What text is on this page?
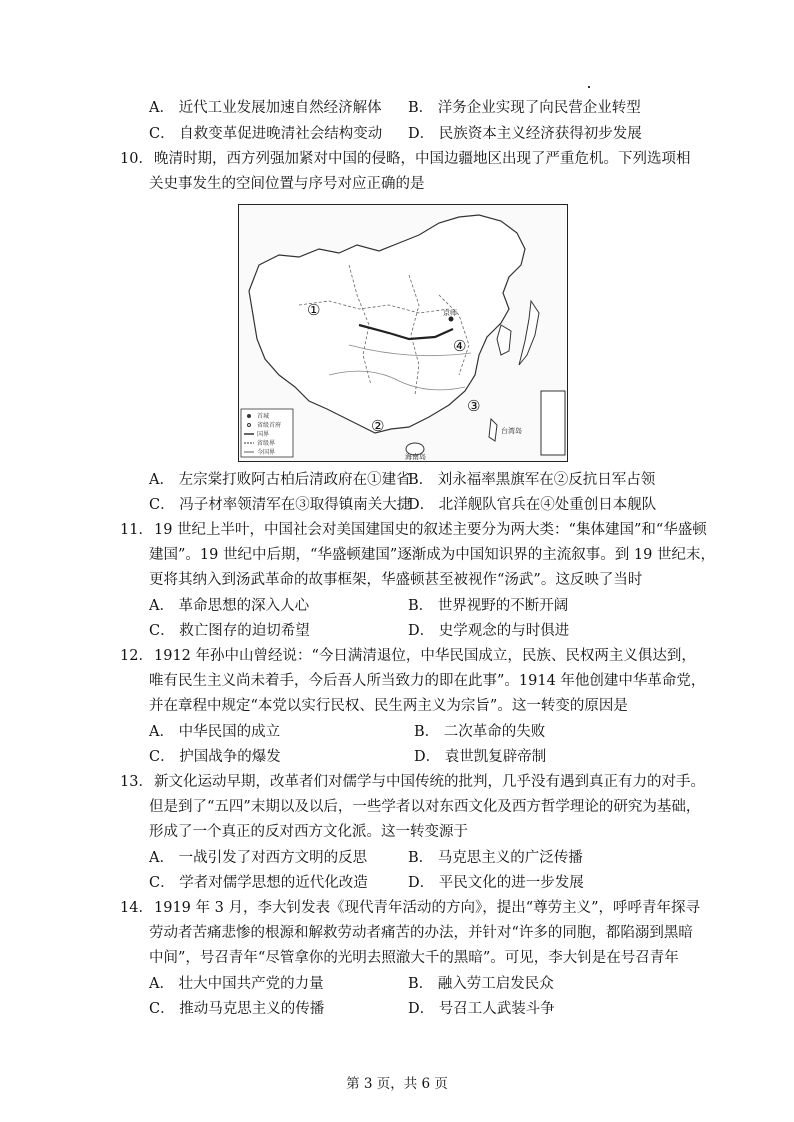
A． 近代工业发展加速自然经济解体 B． 洋务企业实现了向民营企业转型
C． 自救变革促进晚清社会结构变动 D． 民族资本主义经济获得初步发展
10． 晚清时期，西方列强加紧对中国的侵略，中国边疆地区出现了严重危机。下列选项相
关史事发生的空间位置与序号对应正确的是
首城
省级首府
国界
省级界
今国界
①
②
③
④
京师
台湾岛
海南岛
A． 左宗棠打败阿古柏后清政府在①建省
B． 刘永福率黑旗军在②反抗日军占领
C． 冯子材率领清军在③取得镇南关大捷
D． 北洋舰队官兵在④处重创日本舰队
11． 19 世纪上半叶，中国社会对美国建国史的叙述主要分为两大类：“集体建国”和“华盛顿
建国”。19 世纪中后期，“华盛顿建国”逐渐成为中国知识界的主流叙事。到 19 世纪末，
更将其纳入到汤武革命的故事框架，华盛顿甚至被视作“汤武”。这反映了当时
A． 革命思想的深入人心	B． 世界视野的不断开阔
C． 救亡图存的迫切希望	D． 史学观念的与时俱进
12． 1912 年孙中山曾经说：“今日满清退位，中华民国成立，民族、民权两主义俱达到，
唯有民生主义尚未着手，今后吾人所当致力的即在此事”。1914 年他创建中华革命党，
并在章程中规定“本党以实行民权、民生两主义为宗旨”。这一转变的原因是
A． 中华民国的成立	B． 二次革命的失败
C． 护国战争的爆发	D． 袁世凯复辟帝制
13． 新文化运动早期，改革者们对儒学与中国传统的批判，几乎没有遇到真正有力的对手。
但是到了“五四”末期以及以后，一些学者以对东西文化及西方哲学理论的研究为基础，
形成了一个真正的反对西方文化派。这一转变源于
A． 一战引发了对西方文明的反思	B． 马克思主义的广泛传播
C． 学者对儒学思想的近代化改造	D． 平民文化的进一步发展
14． 1919 年 3 月，李大钊发表《现代青年活动的方向》，提出“尊劳主义”，呼呼青年探寻
劳动者苦痛悲惨的根源和解救劳动者痛苦的办法，并针对“许多的同胞，都陷溺到黑暗
中间”，号召青年“尽管拿你的光明去照澈大千的黑暗”。可见，李大钊是在号召青年
A． 壮大中国共产党的力量	B． 融入劳工启发民众
C． 推动马克思主义的传播	D． 号召工人武装斗争
第 3 页，共 6 页
